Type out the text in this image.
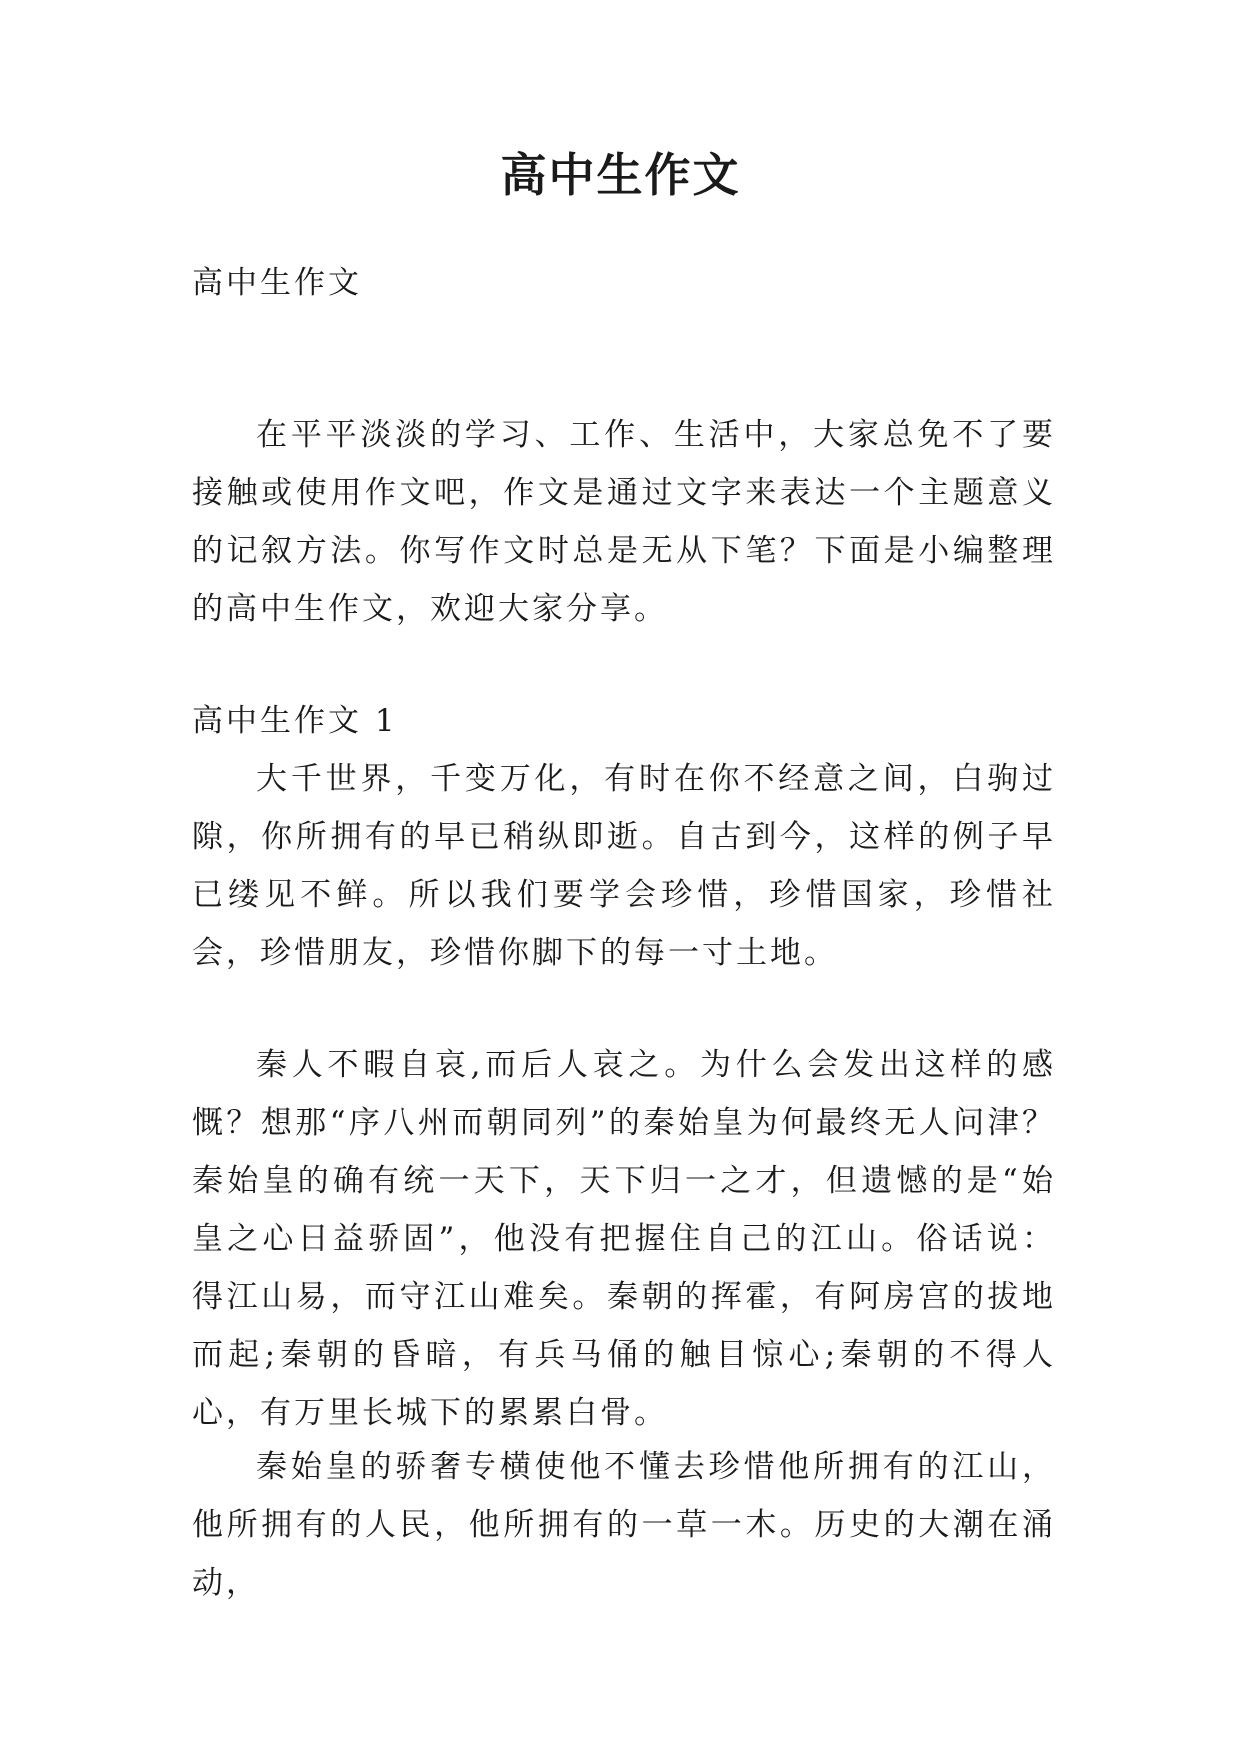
高中生作文

高中生作文

在平平淡淡的学习、工作、生活中，大家总免不了要接触或使用作文吧，作文是通过文字来表达一个主题意义的记叙方法。你写作文时总是无从下笔？下面是小编整理的高中生作文，欢迎大家分享。

高中生作文 1

大千世界，千变万化，有时在你不经意之间，白驹过隙，你所拥有的早已稍纵即逝。自古到今，这样的例子早已缕见不鲜。所以我们要学会珍惜，珍惜国家，珍惜社会，珍惜朋友，珍惜你脚下的每一寸土地。

秦人不暇自哀,而后人哀之。为什么会发出这样的感慨？想那“序八州而朝同列”的秦始皇为何最终无人问津？秦始皇的确有统一天下，天下归一之才，但遗憾的是“始皇之心日益骄固”，他没有把握住自己的江山。俗话说：得江山易，而守江山难矣。秦朝的挥霍，有阿房宫的拔地而起;秦朝的昏暗，有兵马俑的触目惊心;秦朝的不得人心，有万里长城下的累累白骨。

秦始皇的骄奢专横使他不懂去珍惜他所拥有的江山，他所拥有的人民，他所拥有的一草一木。历史的大潮在涌动，
